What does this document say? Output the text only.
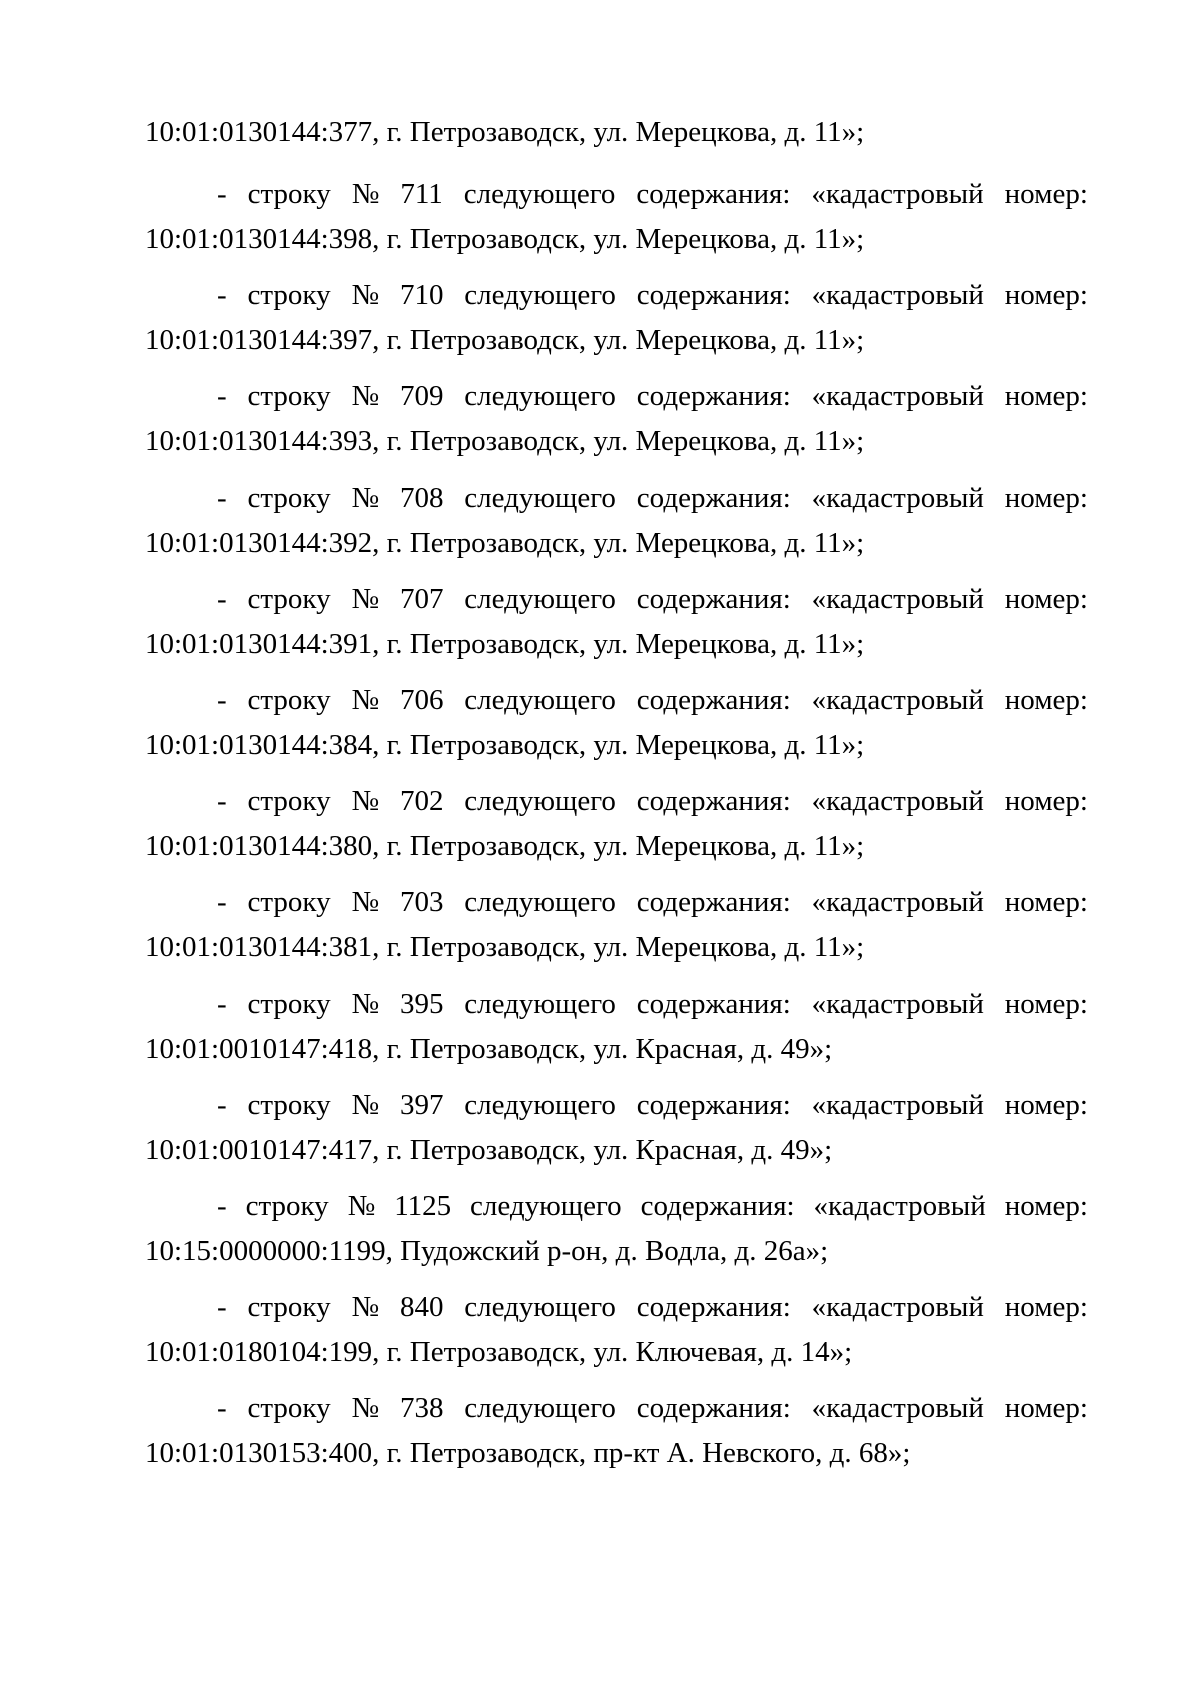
10:01:0130144:377, г. Петрозаводск, ул. Мерецкова, д. 11»;
- строку № 711 следующего содержания: «кадастровый номер:
10:01:0130144:398, г. Петрозаводск, ул. Мерецкова, д. 11»;
- строку № 710 следующего содержания: «кадастровый номер:
10:01:0130144:397, г. Петрозаводск, ул. Мерецкова, д. 11»;
- строку № 709 следующего содержания: «кадастровый номер:
10:01:0130144:393, г. Петрозаводск, ул. Мерецкова, д. 11»;
- строку № 708 следующего содержания: «кадастровый номер:
10:01:0130144:392, г. Петрозаводск, ул. Мерецкова, д. 11»;
- строку № 707 следующего содержания: «кадастровый номер:
10:01:0130144:391, г. Петрозаводск, ул. Мерецкова, д. 11»;
- строку № 706 следующего содержания: «кадастровый номер:
10:01:0130144:384, г. Петрозаводск, ул. Мерецкова, д. 11»;
- строку № 702 следующего содержания: «кадастровый номер:
10:01:0130144:380, г. Петрозаводск, ул. Мерецкова, д. 11»;
- строку № 703 следующего содержания: «кадастровый номер:
10:01:0130144:381, г. Петрозаводск, ул. Мерецкова, д. 11»;
- строку № 395 следующего содержания: «кадастровый номер:
10:01:0010147:418, г. Петрозаводск, ул. Красная, д. 49»;
- строку № 397 следующего содержания: «кадастровый номер:
10:01:0010147:417, г. Петрозаводск, ул. Красная, д. 49»;
- строку № 1125 следующего содержания: «кадастровый номер:
10:15:0000000:1199, Пудожский р-он, д. Водла, д. 26а»;
- строку № 840 следующего содержания: «кадастровый номер:
10:01:0180104:199, г. Петрозаводск, ул. Ключевая, д. 14»;
- строку № 738 следующего содержания: «кадастровый номер:
10:01:0130153:400, г. Петрозаводск, пр-кт А. Невского, д. 68»;
